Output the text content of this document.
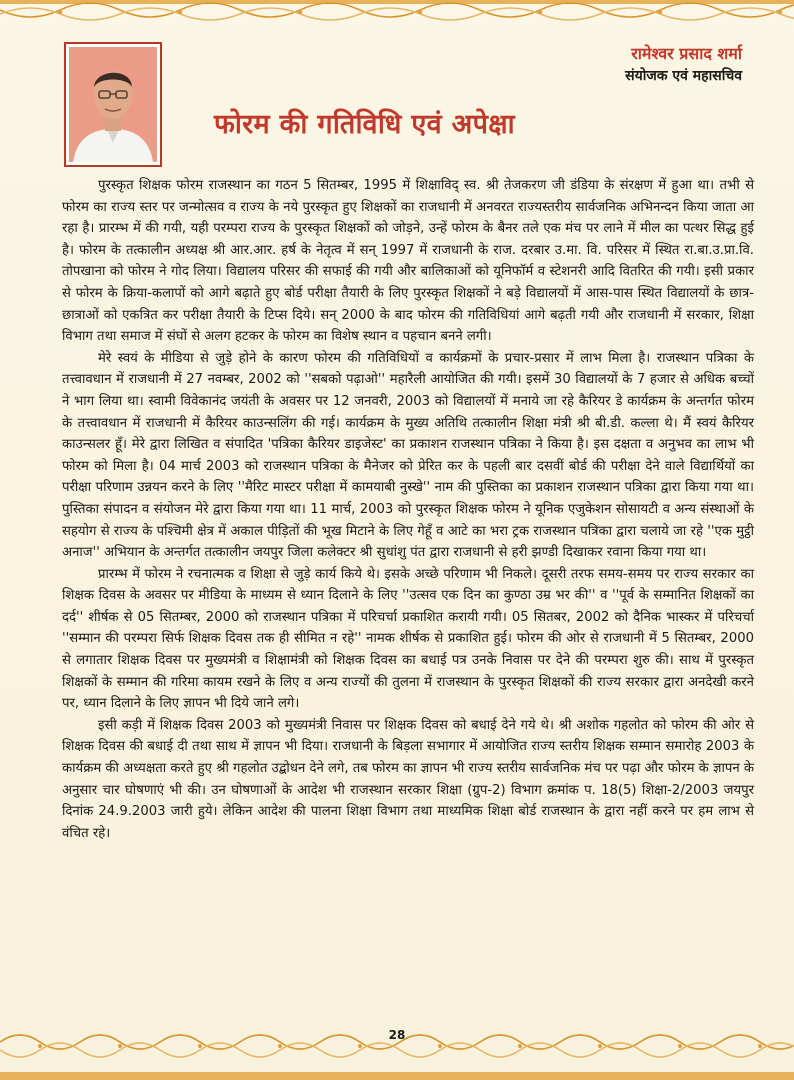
रामेश्वर प्रसाद शर्मा
संयोजक एवं महासचिव
फोरम की गतिविधि एवं अपेक्षा

पुरस्कृत शिक्षक फोरम राजस्थान का गठन 5 सितम्बर, 1995 में शिक्षाविद् स्व. श्री तेजकरण जी डंडिया के संरक्षण में हुआ था। तभी से फोरम का राज्य स्तर पर जन्मोत्सव व राज्य के नये पुरस्कृत हुए शिक्षकों का राजधानी में अनवरत राज्यस्तरीय सार्वजनिक अभिनन्दन किया जाता आ रहा है। प्रारम्भ में की गयी, यही परम्परा राज्य के पुरस्कृत शिक्षकों को जोड़ने, उन्हें फोरम के बैनर तले एक मंच पर लाने में मील का पत्थर सिद्ध हुई है। फोरम के तत्कालीन अध्यक्ष श्री आर.आर. हर्ष के नेतृत्व में सन् 1997 में राजधानी के राज. दरबार उ.मा. वि. परिसर में स्थित रा.बा.उ.प्रा.वि. तोपखाना को फोरम ने गोद लिया। विद्यालय परिसर की सफाई की गयी और बालिकाओं को यूनिफॉर्म व स्टेशनरी आदि वितरित की गयी। इसी प्रकार से फोरम के क्रिया-कलापों को आगे बढ़ाते हुए बोर्ड परीक्षा तैयारी के लिए पुरस्कृत शिक्षकों ने बड़े विद्यालयों में आस-पास स्थित विद्यालयों के छात्र-छात्राओं को एकत्रित कर परीक्षा तैयारी के टिप्स दिये। सन् 2000 के बाद फोरम की गतिविधियां आगे बढ़ती गयी और राजधानी में सरकार, शिक्षा विभाग तथा समाज में संघों से अलग हटकर के फोरम का विशेष स्थान व पहचान बनने लगी।

मेरे स्वयं के मीडिया से जुड़े होने के कारण फोरम की गतिविधियों व कार्यक्रमों के प्रचार-प्रसार में लाभ मिला है। राजस्थान पत्रिका के तत्त्वावधान में राजधानी में 27 नवम्बर, 2002 को ''सबको पढ़ाओ'' महारैली आयोजित की गयी। इसमें 30 विद्यालयों के 7 हजार से अधिक बच्चों ने भाग लिया था। स्वामी विवेकानंद जयंती के अवसर पर 12 जनवरी, 2003 को विद्यालयों में मनाये जा रहे कैरियर डे कार्यक्रम के अन्तर्गत फोरम के तत्त्वावधान में राजधानी में कैरियर काउन्सलिंग की गई। कार्यक्रम के मुख्य अतिथि तत्कालीन शिक्षा मंत्री श्री बी.डी. कल्ला थे। मैं स्वयं कैरियर काउन्सलर हूँ। मेरे द्वारा लिखित व संपादित 'पत्रिका कैरियर डाइजेस्ट' का प्रकाशन राजस्थान पत्रिका ने किया है। इस दक्षता व अनुभव का लाभ भी फोरम को मिला है। 04 मार्च 2003 को राजस्थान पत्रिका के मैनेजर को प्रेरित कर के पहली बार दसवीं बोर्ड की परीक्षा देने वाले विद्यार्थियों का परीक्षा परिणाम उन्नयन करने के लिए ''मैरिट मास्टर परीक्षा में कामयाबी नुस्खे'' नाम की पुस्तिका का प्रकाशन राजस्थान पत्रिका द्वारा किया गया था। पुस्तिका संपादन व संयोजन मेरे द्वारा किया गया था। 11 मार्च, 2003 को पुरस्कृत शिक्षक फोरम ने यूनिक एजुकेशन सोसायटी व अन्य संस्थाओं के सहयोग से राज्य के पश्चिमी क्षेत्र में अकाल पीड़ितों की भूख मिटाने के लिए गेहूँ व आटे का भरा ट्रक राजस्थान पत्रिका द्वारा चलाये जा रहे ''एक मुट्ठी अनाज'' अभियान के अन्तर्गत तत्कालीन जयपुर जिला कलेक्टर श्री सुधांशु पंत द्वारा राजधानी से हरी झण्डी दिखाकर रवाना किया गया था।

प्रारम्भ में फोरम ने रचनात्मक व शिक्षा से जुड़े कार्य किये थे। इसके अच्छे परिणाम भी निकले। दूसरी तरफ समय-समय पर राज्य सरकार का शिक्षक दिवस के अवसर पर मीडिया के माध्यम से ध्यान दिलाने के लिए ''उत्सव एक दिन का कुण्ठा उम्र भर की'' व ''पूर्व के सम्मानित शिक्षकों का दर्द'' शीर्षक से 05 सितम्बर, 2000 को राजस्थान पत्रिका में परिचर्चा प्रकाशित करायी गयी। 05 सितबर, 2002 को दैनिक भास्कर में परिचर्चा ''सम्मान की परम्परा सिर्फ शिक्षक दिवस तक ही सीमित न रहे'' नामक शीर्षक से प्रकाशित हुई। फोरम की ओर से राजधानी में 5 सितम्बर, 2000 से लगातार शिक्षक दिवस पर मुख्यमंत्री व शिक्षामंत्री को शिक्षक दिवस का बधाई पत्र उनके निवास पर देने की परम्परा शुरु की। साथ में पुरस्कृत शिक्षकों के सम्मान की गरिमा कायम रखने के लिए व अन्य राज्यों की तुलना में राजस्थान के पुरस्कृत शिक्षकों की राज्य सरकार द्वारा अनदेखी करने पर, ध्यान दिलाने के लिए ज्ञापन भी दिये जाने लगे।

इसी कड़ी में शिक्षक दिवस 2003 को मुख्यमंत्री निवास पर शिक्षक दिवस को बधाई देने गये थे। श्री अशोक गहलोत को फोरम की ओर से शिक्षक दिवस की बधाई दी तथा साथ में ज्ञापन भी दिया। राजधानी के बिड़ला सभागार में आयोजित राज्य स्तरीय शिक्षक सम्मान समारोह 2003 के कार्यक्रम की अध्यक्षता करते हुए श्री गहलोत उद्बोधन देने लगे, तब फोरम का ज्ञापन भी राज्य स्तरीय सार्वजनिक मंच पर पढ़ा और फोरम के ज्ञापन के अनुसार चार घोषणाएं भी की। उन घोषणाओं के आदेश भी राजस्थान सरकार शिक्षा (ग्रुप-2) विभाग क्रमांक प. 18(5) शिक्षा-2/2003 जयपुर दिनांक 24.9.2003 जारी हुये। लेकिन आदेश की पालना शिक्षा विभाग तथा माध्यमिक शिक्षा बोर्ड राजस्थान के द्वारा नहीं करने पर हम लाभ से वंचित रहे।

28
